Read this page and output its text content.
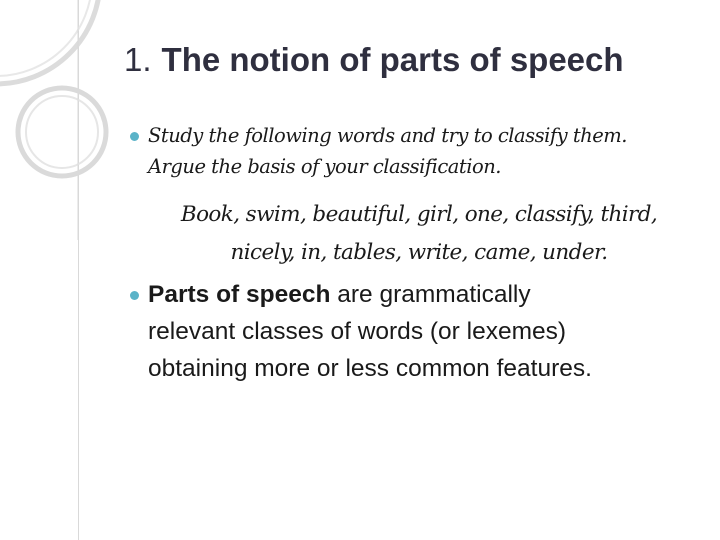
1. The notion of parts of speech
Study the following words and try to classify them.
Argue the basis of your classification.
Book, swim, beautiful, girl, one, classify, third,
nicely, in, tables, write, came, under.
Parts of speech are grammatically
relevant classes of words (or lexemes)
obtaining more or less common features.
